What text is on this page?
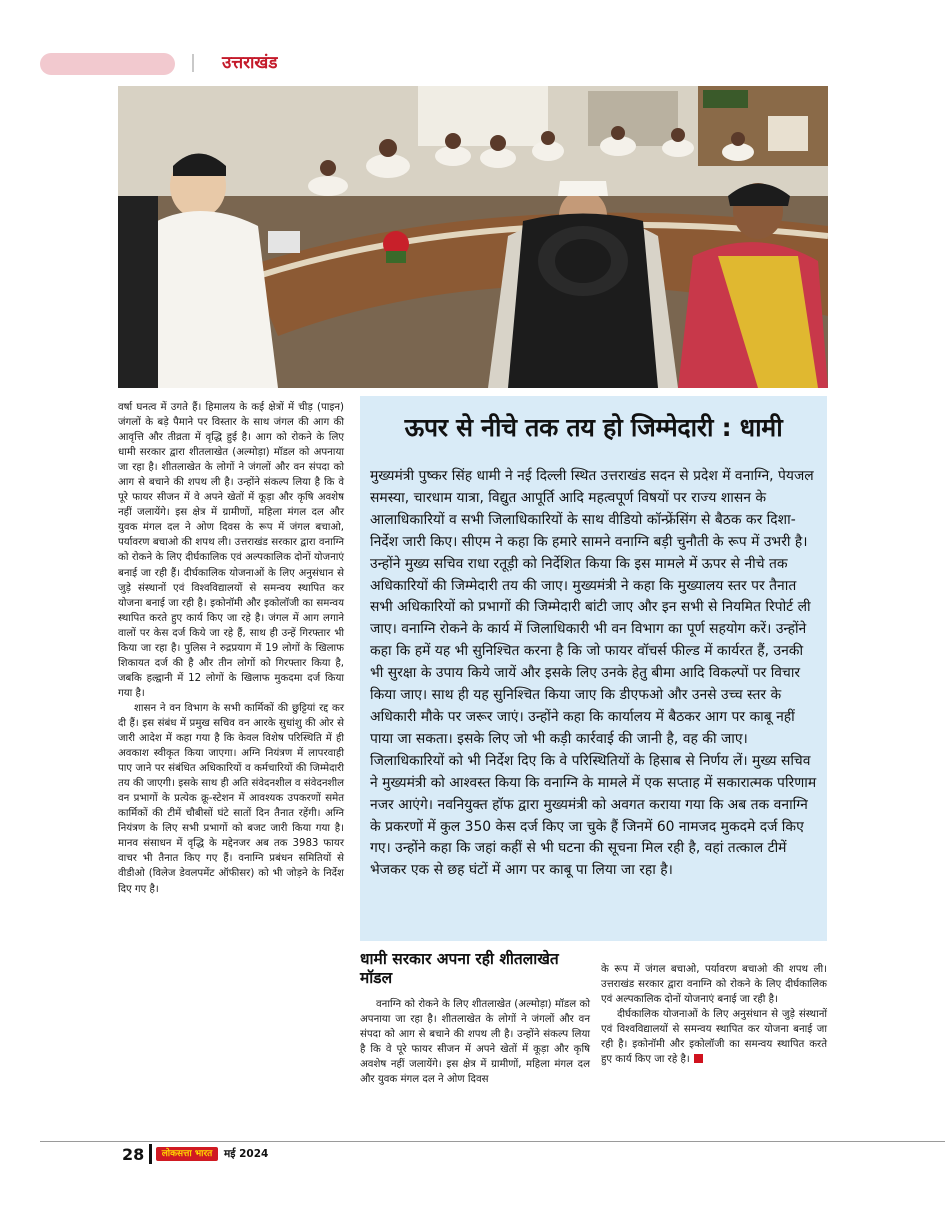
उत्तराखंड

वर्षा घनत्व में उगते हैं। हिमालय के कई क्षेत्रों में चीड़ (पाइन) जंगलों के बड़े पैमाने पर विस्तार के साथ जंगल की आग की आवृत्ति और तीव्रता में वृद्धि हुई है। आग को रोकने के लिए धामी सरकार द्वारा शीतलाखेत (अल्मोड़ा) मॉडल को अपनाया जा रहा है। शीतलाखेत के लोगों ने जंगलों और वन संपदा को आग से बचाने की शपथ ली है। उन्होंने संकल्प लिया है कि वे पूरे फायर सीजन में वे अपने खेतों में कूड़ा और कृषि अवशेष नहीं जलायेंगे। इस क्षेत्र में ग्रामीणों, महिला मंगल दल और युवक मंगल दल ने ओण दिवस के रूप में जंगल बचाओ, पर्यावरण बचाओ की शपथ ली। उत्तराखंड सरकार द्वारा वनाग्नि को रोकने के लिए दीर्घकालिक एवं अल्पकालिक दोनों योजनाएं बनाई जा रही हैं। दीर्घकालिक योजनाओं के लिए अनुसंधान से जुड़े संस्थानों एवं विश्वविद्यालयों से समन्वय स्थापित कर योजना बनाई जा रही है। इकोनॉमी और इकोलॉजी का समन्वय स्थापित करते हुए कार्य किए जा रहे है। जंगल में आग लगाने वालों पर केस दर्ज किये जा रहे हैं, साथ ही उन्हें गिरफ्तार भी किया जा रहा है। पुलिस ने रुद्रप्रयाग में 19 लोगों के खिलाफ शिकायत दर्ज की है और तीन लोगों को गिरफ्तार किया है, जबकि हल्द्वानी में 12 लोगों के खिलाफ मुकदमा दर्ज किया गया है।

शासन ने वन विभाग के सभी कार्मिकों की छुट्टियां रद्द कर दी हैं। इस संबंध में प्रमुख सचिव वन आरके सुधांशु की ओर से जारी आदेश में कहा गया है कि केवल विशेष परिस्थिति में ही अवकाश स्वीकृत किया जाएगा। अग्नि नियंत्रण में लापरवाही पाए जाने पर संबंधित अधिकारियों व कर्मचारियों की जिम्मेदारी तय की जाएगी। इसके साथ ही अति संवेदनशील व संवेदनशील वन प्रभागों के प्रत्येक क्रू-स्टेशन में आवश्यक उपकरणों समेत कार्मिकों की टीमें चौबीसों घंटे सातों दिन तैनात रहेंगी। अग्नि नियंत्रण के लिए सभी प्रभागों को बजट जारी किया गया है। मानव संसाधन में वृद्धि के मद्देनजर अब तक 3983 फायर वाचर भी तैनात किए गए हैं। वनाग्नि प्रबंधन समितियों से वीडीओ (विलेज डेवलपमेंट ऑफीसर) को भी जोड़ने के निर्देश दिए गए है।

ऊपर से नीचे तक तय हो जिम्मेदारी : धामी
मुख्यमंत्री पुष्कर सिंह धामी ने नई दिल्ली स्थित उत्तराखंड सदन से प्रदेश में वनाग्नि, पेयजल समस्या, चारधाम यात्रा, विद्युत आपूर्ति आदि महत्वपूर्ण विषयों पर राज्य शासन के आलाधिकारियों व सभी जिलाधिकारियों के साथ वीडियो कॉन्फ्रेंसिंग से बैठक कर दिशा-निर्देश जारी किए। सीएम ने कहा कि हमारे सामने वनाग्नि बड़ी चुनौती के रूप में उभरी है। उन्होंने मुख्य सचिव राधा रतूड़ी को निर्देशित किया कि इस मामले में ऊपर से नीचे तक अधिकारियों की जिम्मेदारी तय की जाए। मुख्यमंत्री ने कहा कि मुख्यालय स्तर पर तैनात सभी अधिकारियों को प्रभागों की जिम्मेदारी बांटी जाए और इन सभी से नियमित रिपोर्ट ली जाए। वनाग्नि रोकने के कार्य में जिलाधिकारी भी वन विभाग का पूर्ण सहयोग करें। उन्होंने कहा कि हमें यह भी सुनिश्चित करना है कि जो फायर वॉचर्स फील्ड में कार्यरत हैं, उनकी भी सुरक्षा के उपाय किये जायें और इसके लिए उनके हेतु बीमा आदि विकल्पों पर विचार किया जाए। साथ ही यह सुनिश्चित किया जाए कि डीएफओ और उनसे उच्च स्तर के अधिकारी मौके पर जरूर जाएं। उन्होंने कहा कि कार्यालय में बैठकर आग पर काबू नहीं पाया जा सकता। इसके लिए जो भी कड़ी कार्रवाई की जानी है, वह की जाए। जिलाधिकारियों को भी निर्देश दिए कि वे परिस्थितियों के हिसाब से निर्णय लें। मुख्य सचिव ने मुख्यमंत्री को आश्वस्त किया कि वनाग्नि के मामले में एक सप्ताह में सकारात्मक परिणाम नजर आएंगे। नवनियुक्त हॉफ द्वारा मुख्यमंत्री को अवगत कराया गया कि अब तक वनाग्नि के प्रकरणों में कुल 350 केस दर्ज किए जा चुके हैं जिनमें 60 नामजद मुकदमे दर्ज किए गए। उन्होंने कहा कि जहां कहीं से भी घटना की सूचना मिल रही है, वहां तत्काल टीमें भेजकर एक से छह घंटों में आग पर काबू पा लिया जा रहा है।
धामी सरकार अपना रही शीतलाखेत मॉडल

वनाग्नि को रोकने के लिए शीतलाखेत (अल्मोड़ा) मॉडल को अपनाया जा रहा है। शीतलाखेत के लोगों ने जंगलों और वन संपदा को आग से बचाने की शपथ ली है। उन्होंने संकल्प लिया है कि वे पूरे फायर सीजन में अपने खेतों में कूड़ा और कृषि अवशेष नहीं जलायेंगे। इस क्षेत्र में ग्रामीणों, महिला मंगल दल और युवक मंगल दल ने ओण दिवस

के रूप में जंगल बचाओ, पर्यावरण बचाओ की शपथ ली। उत्तराखंड सरकार द्वारा वनाग्नि को रोकने के लिए दीर्घकालिक एवं अल्पकालिक दोनों योजनाएं बनाई जा रही है।

दीर्घकालिक योजनाओं के लिए अनुसंधान से जुड़े संस्थानों एवं विश्वविद्यालयों से समन्वय स्थापित कर योजना बनाई जा रही है। इकोनॉमी और इकोलॉजी का समन्वय स्थापित करते हुए कार्य किए जा रहे है।

28	लोकसत्ता भारत	मई 2024
